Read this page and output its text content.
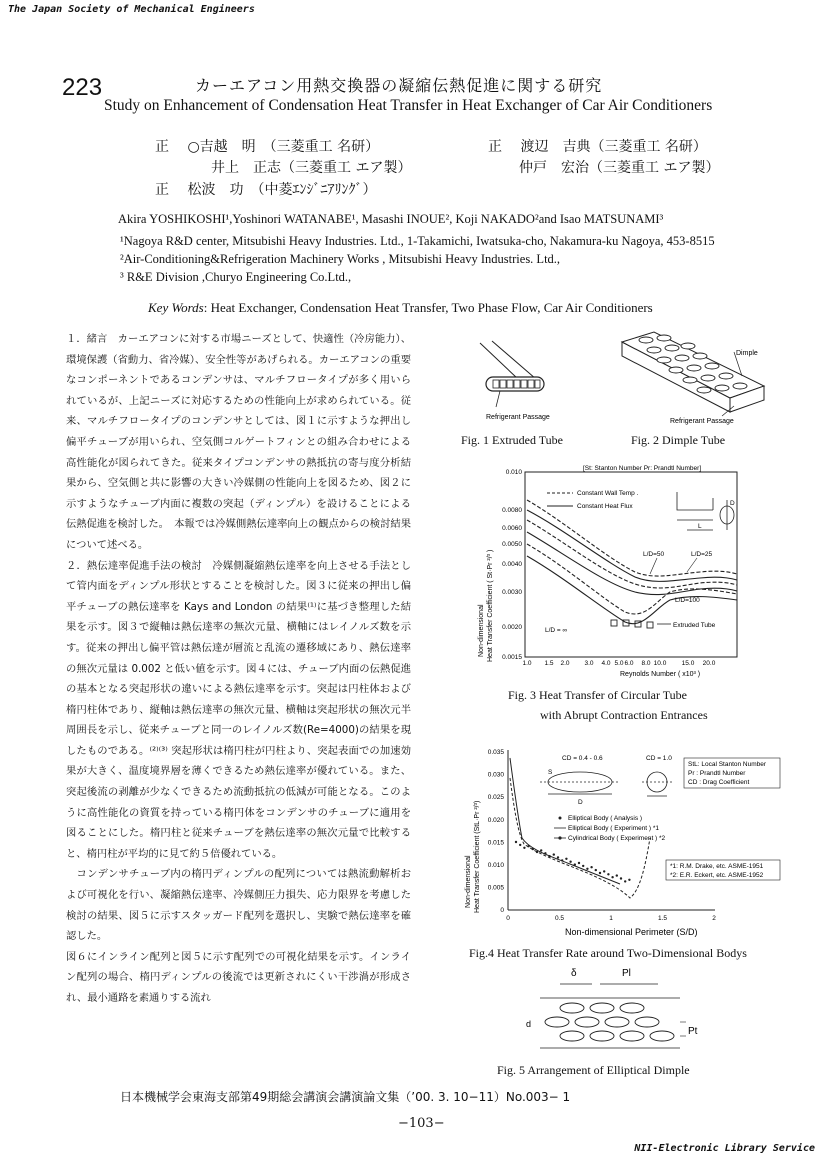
The Japan Society of Mechanical Engineers
NII-Electronic Library Service
223	カーエアコン用熱交換器の凝縮伝熱促進に関する研究
Study on Enhancement of Condensation Heat Transfer in Heat Exchanger of Car Air Conditioners
正　 ○吉越　明　（三菱重工 名研）	正　 渡辺　吉典（三菱重工 名研）
井上　正志（三菱重工 エア製）	仲戸　宏治（三菱重工 エア製）
正　 松波　功　（中菱ｴﾝｼﾞﾆｱﾘﾝｸﾞ）
Akira YOSHIKOSHI¹,Yoshinori WATANABE¹, Masashi INOUE², Koji NAKADO²and Isao MATSUNAMI³
¹Nagoya R&D center, Mitsubishi Heavy Industries. Ltd., 1-Takamichi, Iwatsuka-cho, Nakamura-ku Nagoya, 453-8515
²Air-Conditioning&Refrigeration Machinery Works , Mitsubishi Heavy Industries. Ltd.,
³ R&E Division ,Churyo Engineering Co.Ltd.,
Key Words: Heat Exchanger, Condensation Heat Transfer, Two Phase Flow, Car Air Conditioners

１．緒言　カーエアコンに対する市場ニーズとして、快適性（冷房能力）、環境保護（省動力、省冷媒）、安全性等があげられる。カーエアコンの重要なコンポーネントであるコンデンサは、マルチフロータイプが多く用いられているが、上記ニーズに対応するための性能向上が求められている。従来、マルチフロータイプのコンデンサとしては、図１に示すような押出し偏平チューブが用いられ、空気側コルゲートフィンとの組み合わせによる高性能化が図られてきた。従来タイプコンデンサの熱抵抗の寄与度分析結果から、空気側と共に影響の大きい冷媒側の性能向上を図るため、図２に示すようなチューブ内面に複数の突起（ディンプル）を設けることによる伝熱促進を検討した。　本報では冷媒側熱伝達率向上の観点からの検討結果について述べる。

２．熱伝達率促進手法の検討　冷媒側凝縮熱伝達率を向上させる手法として管内面をディンプル形状とすることを検討した。図３に従来の押出し偏平チューブの熱伝達率を Kays and London の結果⁽¹⁾に基づき整理した結果を示す。図３で縦軸は熱伝達率の無次元量、横軸にはレイノルズ数を示す。従来の押出し偏平管は熱伝達が層流と乱流の遷移域にあり、熱伝達率の無次元量は 0.002 と低い値を示す。図４には、チューブ内面の伝熱促進の基本となる突起形状の違いによる熱伝達率を示す。突起は円柱体および楕円柱体であり、縦軸は熱伝達率の無次元量、横軸は突起形状の無次元半周囲長を示し、従来チューブと同一のレイノルズ数(Re=4000)の結果を現したものである。⁽²⁾⁽³⁾ 突起形状は楕円柱が円柱より、突起表面での加速効果が大きく、温度境界層を薄くできるため熱伝達率が優れている。また、突起後流の剥離が少なくできるため流動抵抗の低減が可能となる。このように高性能化の資質を持っている楕円体をコンデンサのチューブに適用を図ることにした。楕円柱と従来チューブを熱伝達率の無次元量で比較すると、楕円柱が平均的に見て約５倍優れている。

　コンデンサチューブ内の楕円ディンプルの配列については熱流動解析および可視化を行い、凝縮熱伝達率、冷媒側圧力損失、応力限界を考慮した検討の結果、図５に示すスタッガード配列を選択し、実験で熱伝達率を確認した。

図６にインライン配列と図５に示す配列での可視化結果を示す。インライン配列の場合、楕円ディンプルの後流では更新されにくい干渉渦が形成され、最小通路を素通りする流れ

Refrigerant Passage
Fig. 1 Extruded Tube
Dimple
Refrigerant Passage
Fig. 2 Dimple Tube
Non-dimensional Heat Transfer Coefficient ( St·Pr ²/³ )
0.010
0.0080
0.0060
0.0050
0.0040
0.0030
0.0020
0.0015
1.0 1.5 2.0 3.0 4.0 5.0 6.0 8.0 10.0 15.0 20.0
Reynolds Number ( x10³ )
[St: Stanton Number Pr: Prandtl Number]
Constant Wall Temp .
Constant Heat Flux
L
D
Extruded Tube
L/D=50	L/D=25
L/D=100
L/D = ∞
Fig. 3 Heat Transfer of Circular Tube
with Abrupt Contraction Entrances
Non-dimensional Heat Transfer Coefficient (StL·Pr ²/³)
0.035
0.030
0.025
0.020
0.015
0.010
0.005
0
0	0.5	1	1.5	2
Non-dimensional Perimeter (S/D)
CD = 0.4 - 0.6	CD = 1.0
D
S
StL: Local Stanton Number
Pr : Prandtl Number
CD : Drag Coefficient
Elliptical Body ( Analysis )
Elliptical Body ( Experiment ) *1
Cylindrical Body ( Experiment ) *2
*1: R.M. Drake, etc. ASME-1951
*2: E.R. Eckert, etc. ASME-1952
Fig.4 Heat Transfer Rate around Two-Dimensional Bodys
δ	Pl
d
Pt
Fig. 5 Arrangement of Elliptical Dimple
日本機械学会東海支部第49期総会講演会講演論文集（’00. 3. 10−11）No.003− 1
−103−
